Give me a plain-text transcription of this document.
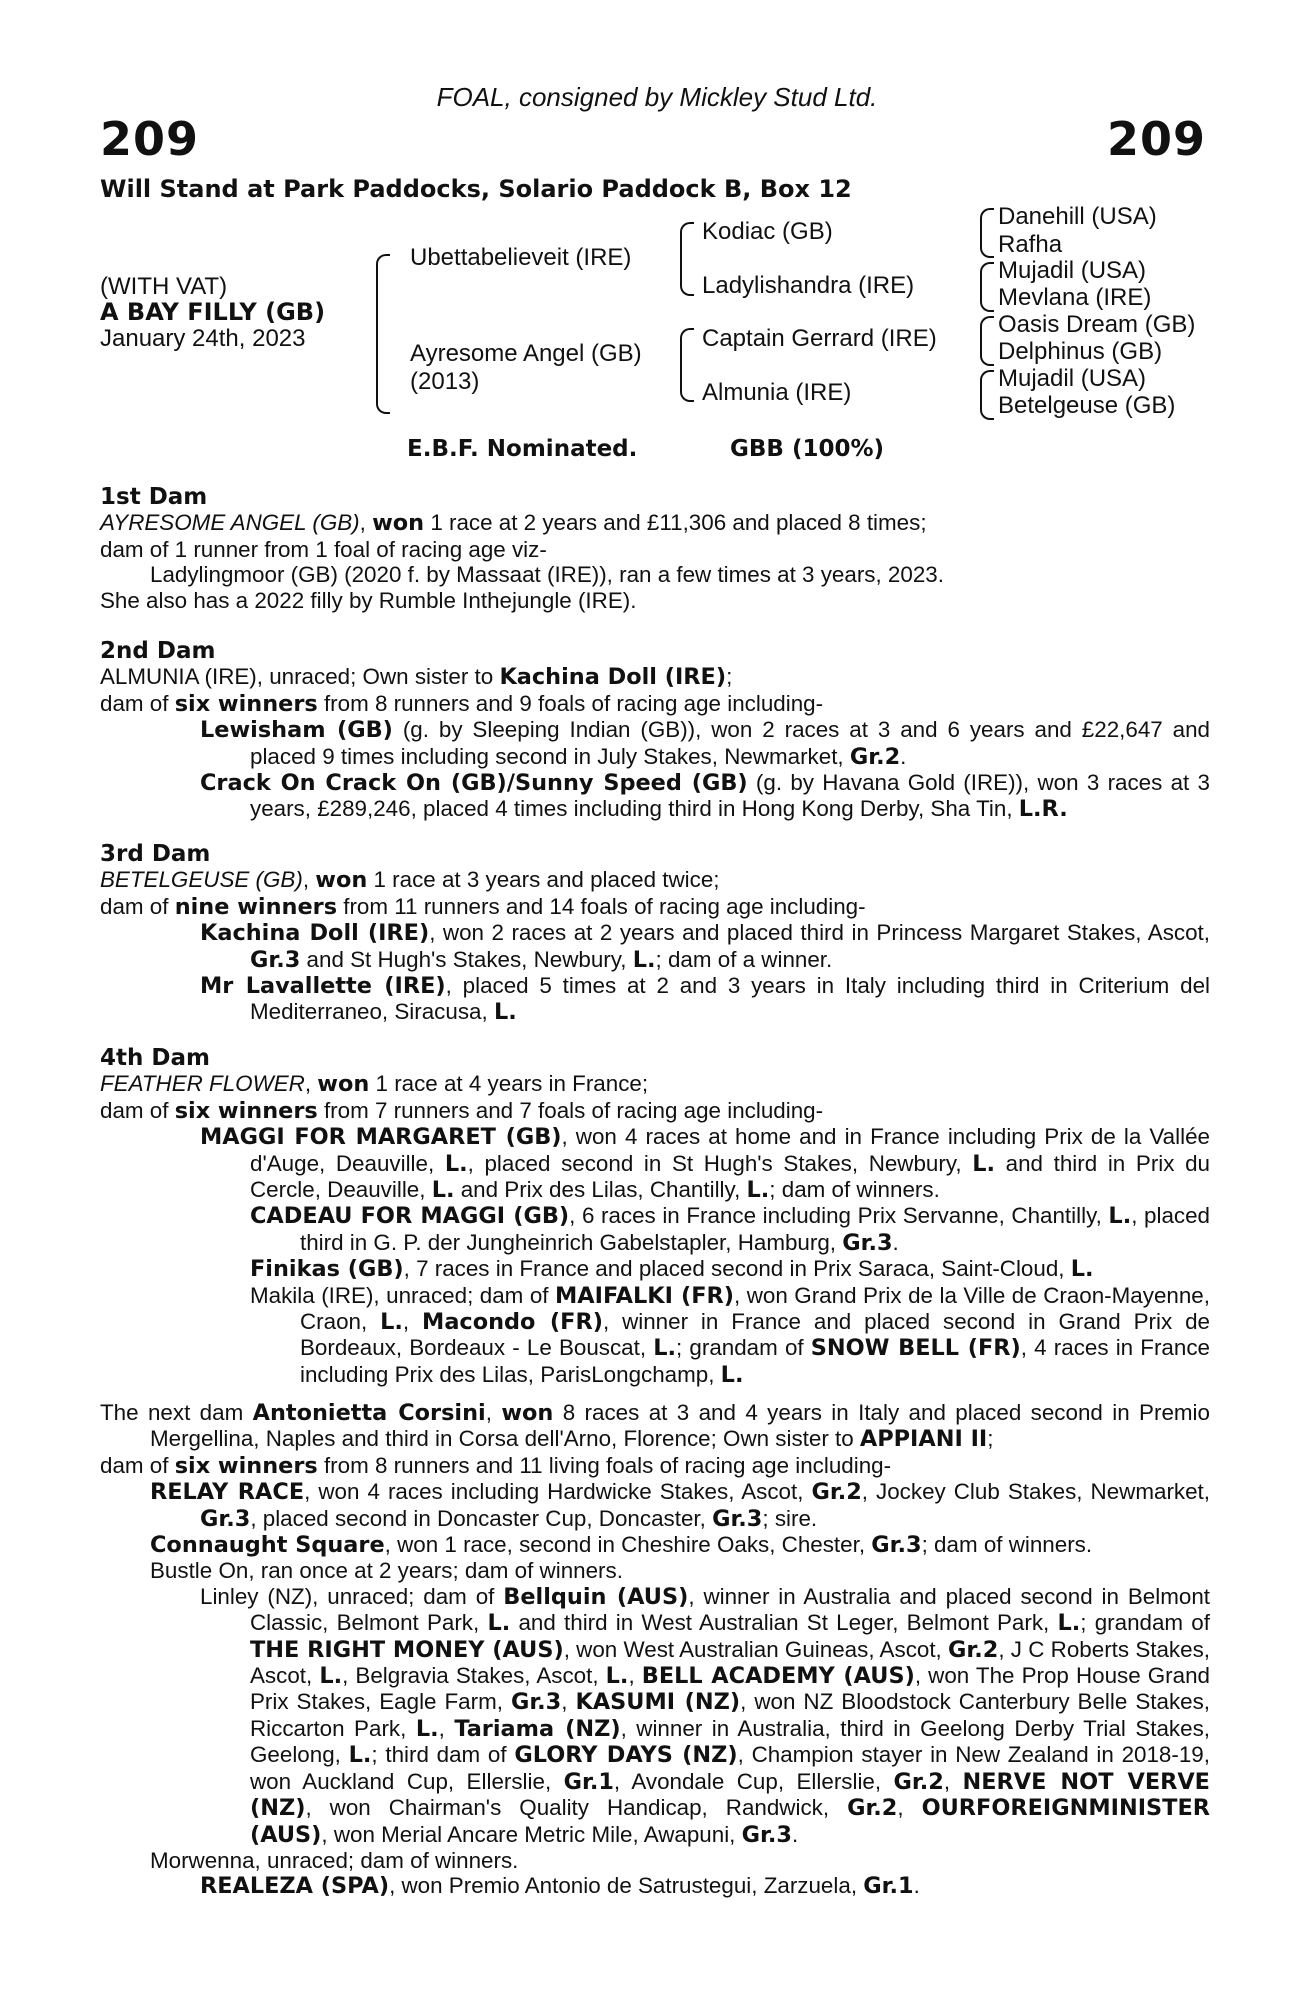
FOAL, consigned by Mickley Stud Ltd.
209	209
Will Stand at Park Paddocks, Solario Paddock B, Box 12
(WITH VAT)
A BAY FILLY (GB)
January 24th, 2023
Ubettabelieveit (IRE)
Ayresome Angel (GB)
(2013)
Kodiac (GB)
Ladylishandra (IRE)
Captain Gerrard (IRE)
Almunia (IRE)
Danehill (USA)
Rafha
Mujadil (USA)
Mevlana (IRE)
Oasis Dream (GB)
Delphinus (GB)
Mujadil (USA)
Betelgeuse (GB)
E.B.F. Nominated.	GBB (100%)

1st Dam

AYRESOME ANGEL (GB), won 1 race at 2 years and £11,306 and placed 8 times;

dam of 1 runner from 1 foal of racing age viz-

Ladylingmoor (GB) (2020 f. by Massaat (IRE)), ran a few times at 3 years, 2023.

She also has a 2022 filly by Rumble Inthejungle (IRE).

2nd Dam

ALMUNIA (IRE), unraced; Own sister to Kachina Doll (IRE);

dam of six winners from 8 runners and 9 foals of racing age including-

Lewisham (GB) (g. by Sleeping Indian (GB)), won 2 races at 3 and 6 years and £22,647 and placed 9 times including second in July Stakes, Newmarket, Gr.2.

Crack On Crack On (GB)/Sunny Speed (GB) (g. by Havana Gold (IRE)), won 3 races at 3 years, £289,246, placed 4 times including third in Hong Kong Derby, Sha Tin, L.R.

3rd Dam

BETELGEUSE (GB), won 1 race at 3 years and placed twice;

dam of nine winners from 11 runners and 14 foals of racing age including-

Kachina Doll (IRE), won 2 races at 2 years and placed third in Princess Margaret Stakes, Ascot, Gr.3 and St Hugh's Stakes, Newbury, L.; dam of a winner.

Mr Lavallette (IRE), placed 5 times at 2 and 3 years in Italy including third in Criterium del Mediterraneo, Siracusa, L.

4th Dam

FEATHER FLOWER, won 1 race at 4 years in France;

dam of six winners from 7 runners and 7 foals of racing age including-

MAGGI FOR MARGARET (GB), won 4 races at home and in France including Prix de la Vallée d'Auge, Deauville, L., placed second in St Hugh's Stakes, Newbury, L. and third in Prix du Cercle, Deauville, L. and Prix des Lilas, Chantilly, L.; dam of winners.

CADEAU FOR MAGGI (GB), 6 races in France including Prix Servanne, Chantilly, L., placed third in G. P. der Jungheinrich Gabelstapler, Hamburg, Gr.3.

Finikas (GB), 7 races in France and placed second in Prix Saraca, Saint-Cloud, L.

Makila (IRE), unraced; dam of MAIFALKI (FR), won Grand Prix de la Ville de Craon-Mayenne, Craon, L., Macondo (FR), winner in France and placed second in Grand Prix de Bordeaux, Bordeaux - Le Bouscat, L.; grandam of SNOW BELL (FR), 4 races in France including Prix des Lilas, ParisLongchamp, L.

The next dam Antonietta Corsini, won 8 races at 3 and 4 years in Italy and placed second in Premio Mergellina, Naples and third in Corsa dell'Arno, Florence; Own sister to APPIANI II;

dam of six winners from 8 runners and 11 living foals of racing age including-

RELAY RACE, won 4 races including Hardwicke Stakes, Ascot, Gr.2, Jockey Club Stakes, Newmarket, Gr.3, placed second in Doncaster Cup, Doncaster, Gr.3; sire.

Connaught Square, won 1 race, second in Cheshire Oaks, Chester, Gr.3; dam of winners.

Bustle On, ran once at 2 years; dam of winners.

Linley (NZ), unraced; dam of Bellquin (AUS), winner in Australia and placed second in Belmont Classic, Belmont Park, L. and third in West Australian St Leger, Belmont Park, L.; grandam of THE RIGHT MONEY (AUS), won West Australian Guineas, Ascot, Gr.2, J C Roberts Stakes, Ascot, L., Belgravia Stakes, Ascot, L., BELL ACADEMY (AUS), won The Prop House Grand Prix Stakes, Eagle Farm, Gr.3, KASUMI (NZ), won NZ Bloodstock Canterbury Belle Stakes, Riccarton Park, L., Tariama (NZ), winner in Australia, third in Geelong Derby Trial Stakes, Geelong, L.; third dam of GLORY DAYS (NZ), Champion stayer in New Zealand in 2018-19, won Auckland Cup, Ellerslie, Gr.1, Avondale Cup, Ellerslie, Gr.2, NERVE NOT VERVE (NZ), won Chairman's Quality Handicap, Randwick, Gr.2, OURFOREIGNMINISTER (AUS), won Merial Ancare Metric Mile, Awapuni, Gr.3.

Morwenna, unraced; dam of winners.

REALEZA (SPA), won Premio Antonio de Satrustegui, Zarzuela, Gr.1.
